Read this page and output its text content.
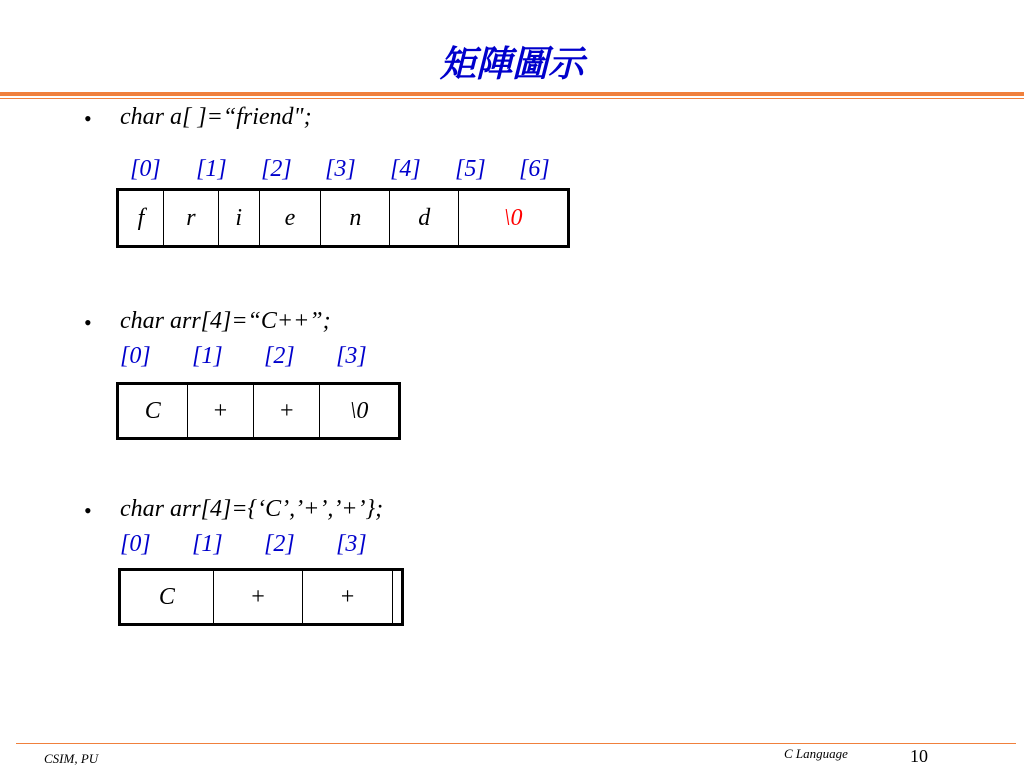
矩陣圖示
• char a[ ]=“friend";
[0] [1] [2] [3] [4] [5] [6]
f	r	i	e	n	d	\0
• char arr[4]=“C++”;
[0] [1] [2] [3]
C	+	+	\0
• char arr[4]={‘C’,’+’,’+’};
[0] [1] [2] [3]
C	+	+	
CSIM, PU	C Language	10
